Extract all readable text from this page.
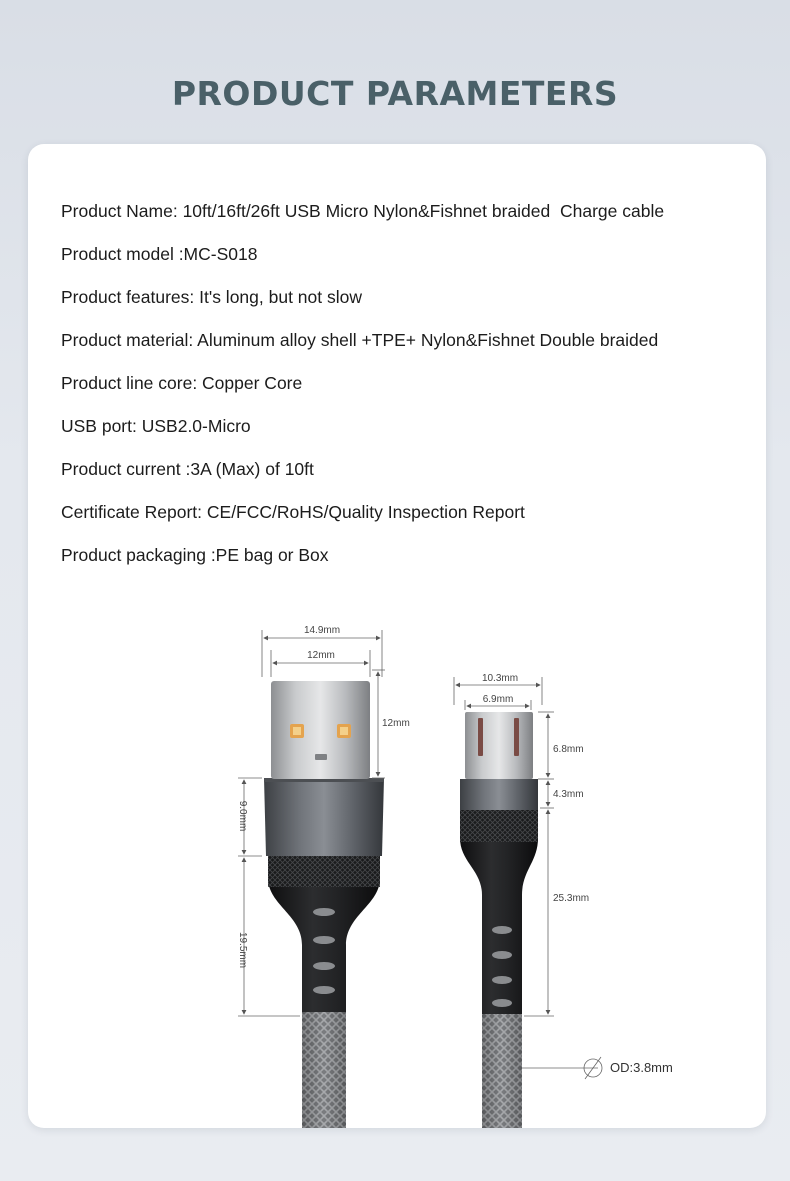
PRODUCT PARAMETERS
Product Name: 10ft/16ft/26ft USB Micro Nylon&Fishnet braided  Charge cable
Product model :MC-S018
Product features: It's long, but not slow
Product material: Aluminum alloy shell +TPE+ Nylon&Fishnet Double braided
Product line core: Copper Core
USB port: USB2.0-Micro
Product current :3A (Max) of 10ft
Certificate Report: CE/FCC/RoHS/Quality Inspection Report
Product packaging :PE bag or Box
14.9mm
12mm
12mm
9.0mm
19.5mm
10.3mm
6.9mm
6.8mm
4.3mm
25.3mm
OD:3.8mm
